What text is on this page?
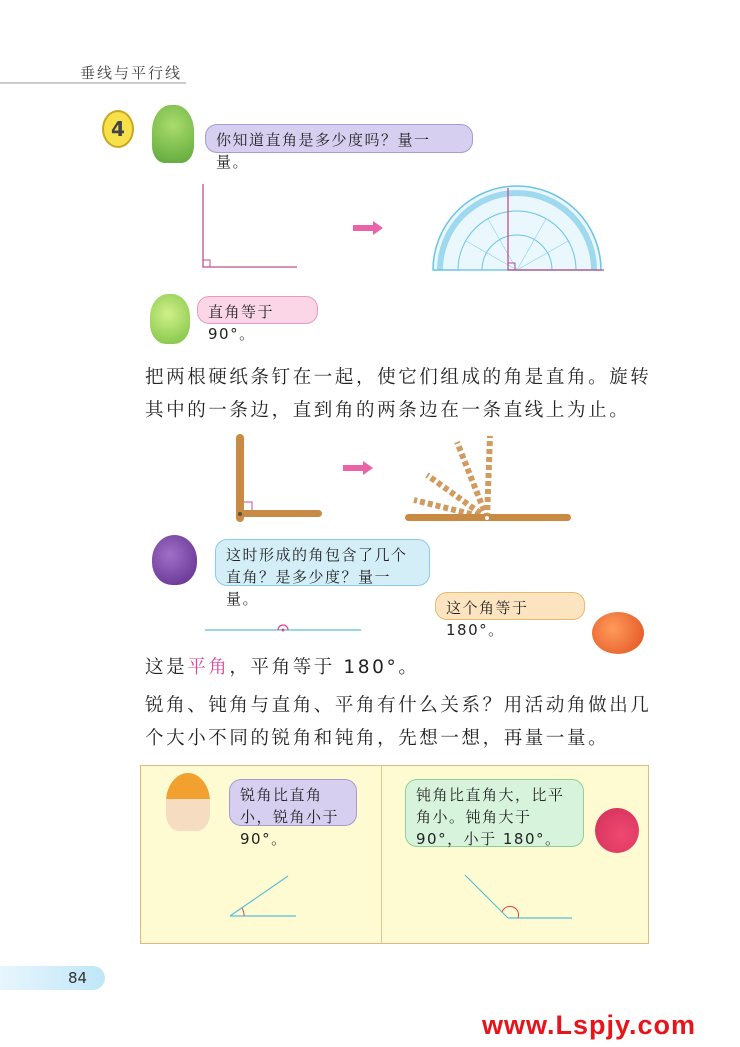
垂线与平行线
4	你知道直角是多少度吗？量一量。
直角等于 90°。
把两根硬纸条钉在一起，使它们组成的角是直角。旋转其中的一条边，直到角的两条边在一条直线上为止。
这时形成的角包含了几个直角？是多少度？量一量。	这个角等于 180°。
这是平角，平角等于 180°。
锐角、钝角与直角、平角有什么关系？用活动角做出几个大小不同的锐角和钝角，先想一想，再量一量。
锐角比直角小，锐角小于 90°。
钝角比直角大，比平角小。钝角大于 90°，小于 180°。
84
www.Lspjy.com
